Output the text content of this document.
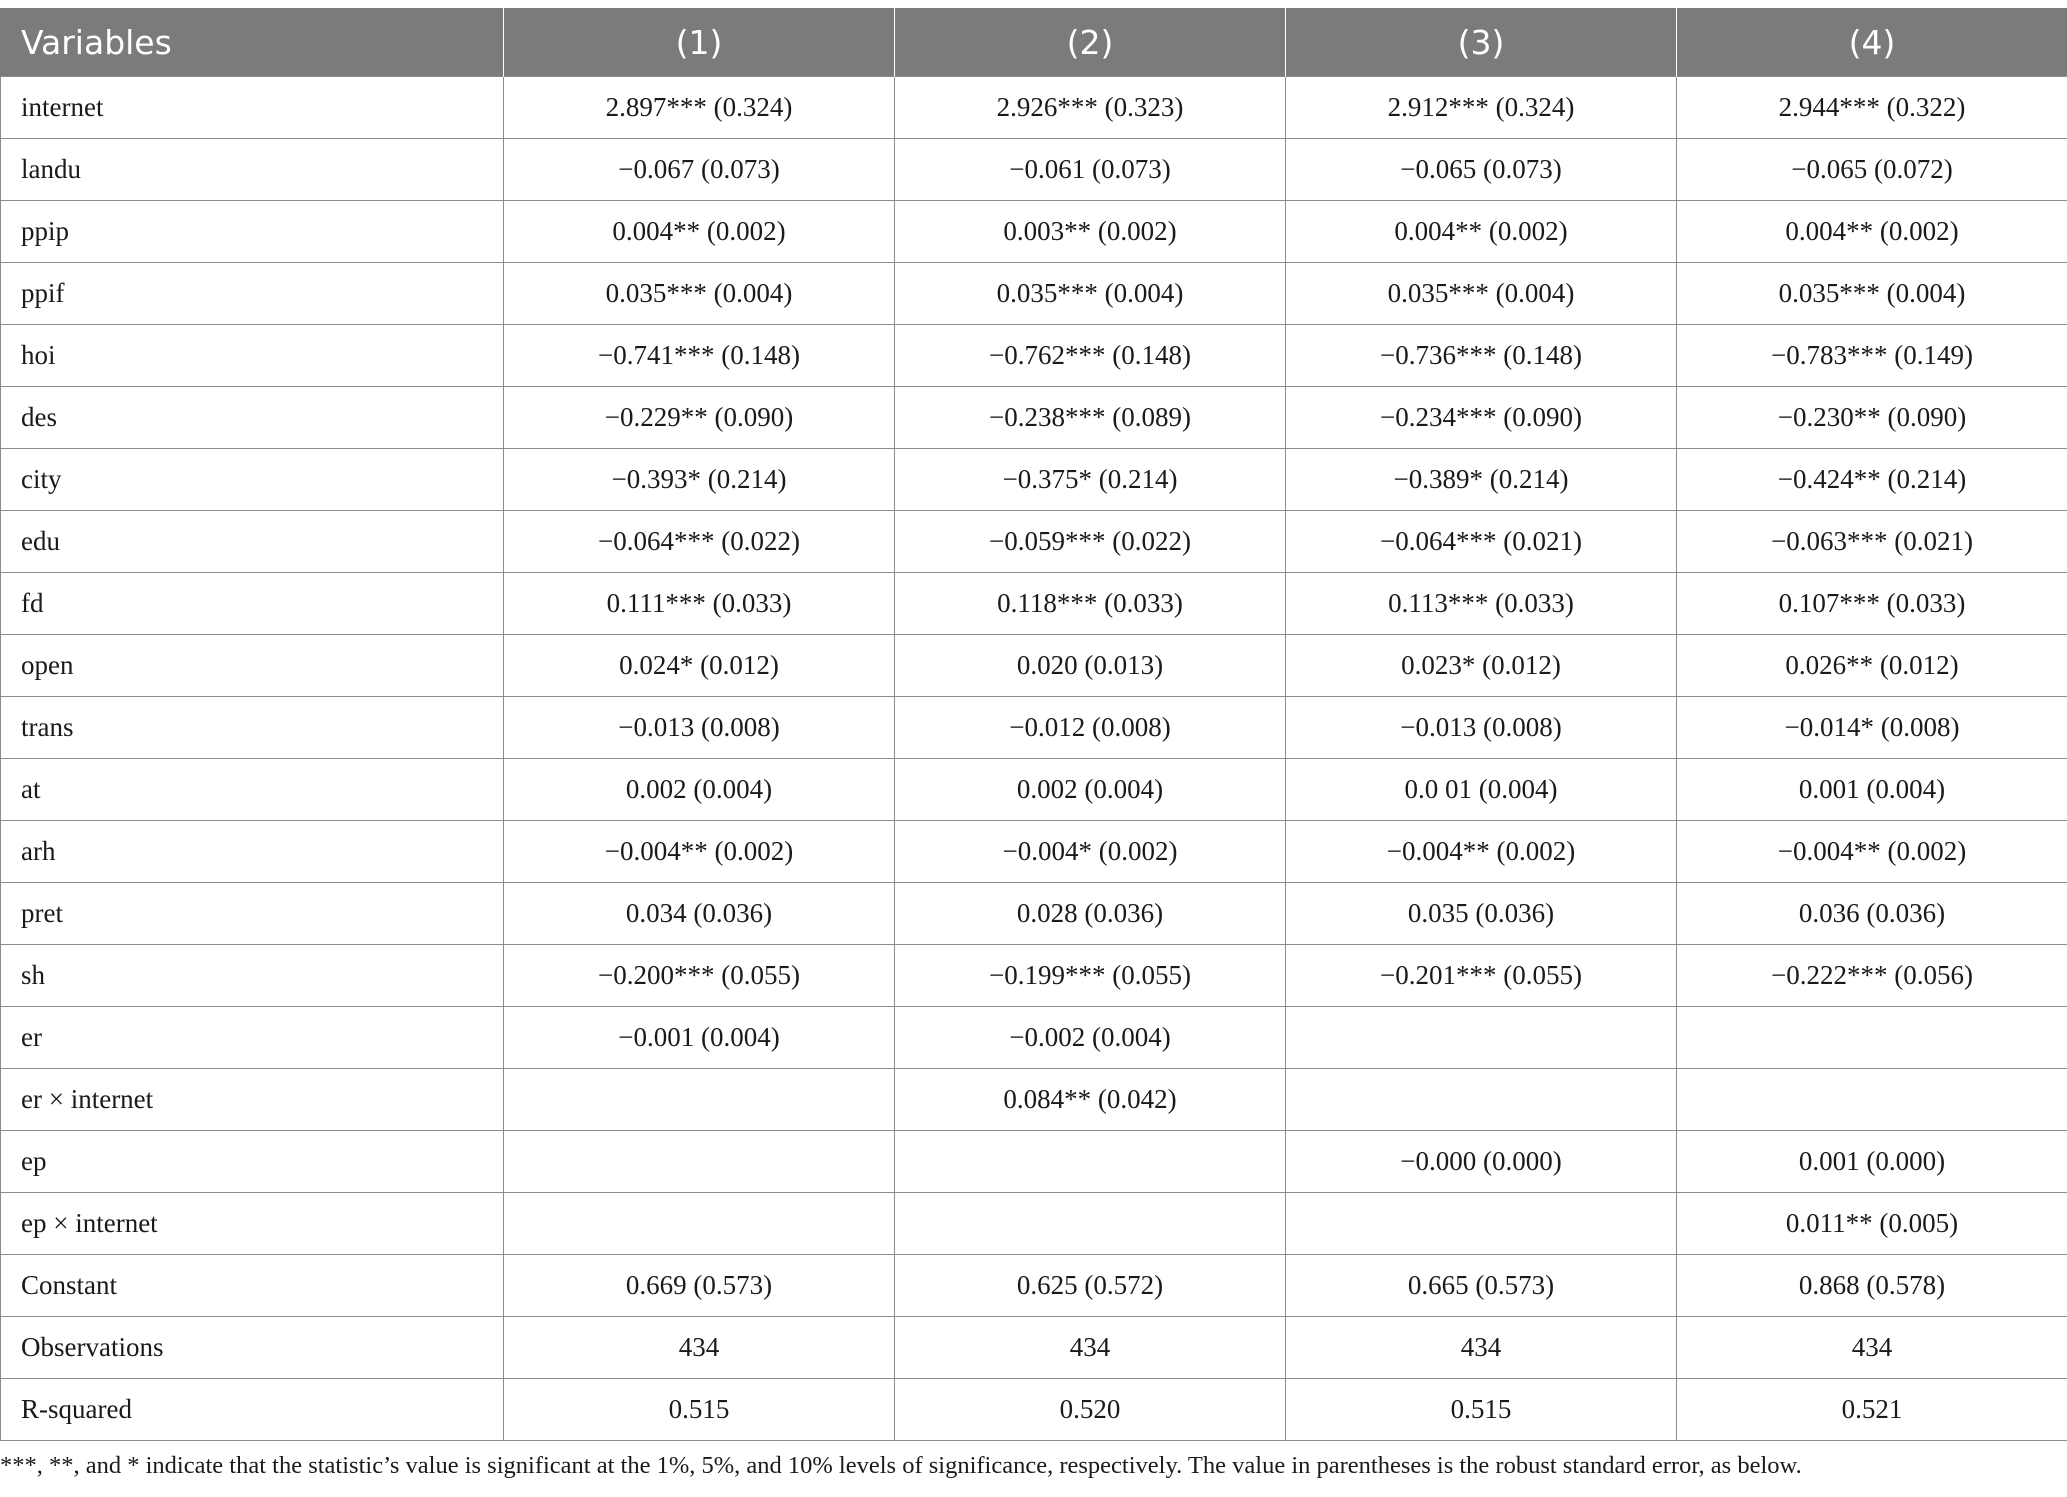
Variables	(1)	(2)	(3)	(4)
internet	2.897*** (0.324)	2.926*** (0.323)	2.912*** (0.324)	2.944*** (0.322)
landu	−0.067 (0.073)	−0.061 (0.073)	−0.065 (0.073)	−0.065 (0.072)
ppip	0.004** (0.002)	0.003** (0.002)	0.004** (0.002)	0.004** (0.002)
ppif	0.035*** (0.004)	0.035*** (0.004)	0.035*** (0.004)	0.035*** (0.004)
hoi	−0.741*** (0.148)	−0.762*** (0.148)	−0.736*** (0.148)	−0.783*** (0.149)
des	−0.229** (0.090)	−0.238*** (0.089)	−0.234*** (0.090)	−0.230** (0.090)
city	−0.393* (0.214)	−0.375* (0.214)	−0.389* (0.214)	−0.424** (0.214)
edu	−0.064*** (0.022)	−0.059*** (0.022)	−0.064*** (0.021)	−0.063*** (0.021)
fd	0.111*** (0.033)	0.118*** (0.033)	0.113*** (0.033)	0.107*** (0.033)
open	0.024* (0.012)	0.020 (0.013)	0.023* (0.012)	0.026** (0.012)
trans	−0.013 (0.008)	−0.012 (0.008)	−0.013 (0.008)	−0.014* (0.008)
at	0.002 (0.004)	0.002 (0.004)	0.0 01 (0.004)	0.001 (0.004)
arh	−0.004** (0.002)	−0.004* (0.002)	−0.004** (0.002)	−0.004** (0.002)
pret	0.034 (0.036)	0.028 (0.036)	0.035 (0.036)	0.036 (0.036)
sh	−0.200*** (0.055)	−0.199*** (0.055)	−0.201*** (0.055)	−0.222*** (0.056)
er	−0.001 (0.004)	−0.002 (0.004)		
er × internet		0.084** (0.042)		
ep			−0.000 (0.000)	0.001 (0.000)
ep × internet				0.011** (0.005)
Constant	0.669 (0.573)	0.625 (0.572)	0.665 (0.573)	0.868 (0.578)
Observations	434	434	434	434
R-squared	0.515	0.520	0.515	0.521
***, **, and * indicate that the statistic’s value is significant at the 1%, 5%, and 10% levels of significance, respectively. The value in parentheses is the robust standard error, as below.
